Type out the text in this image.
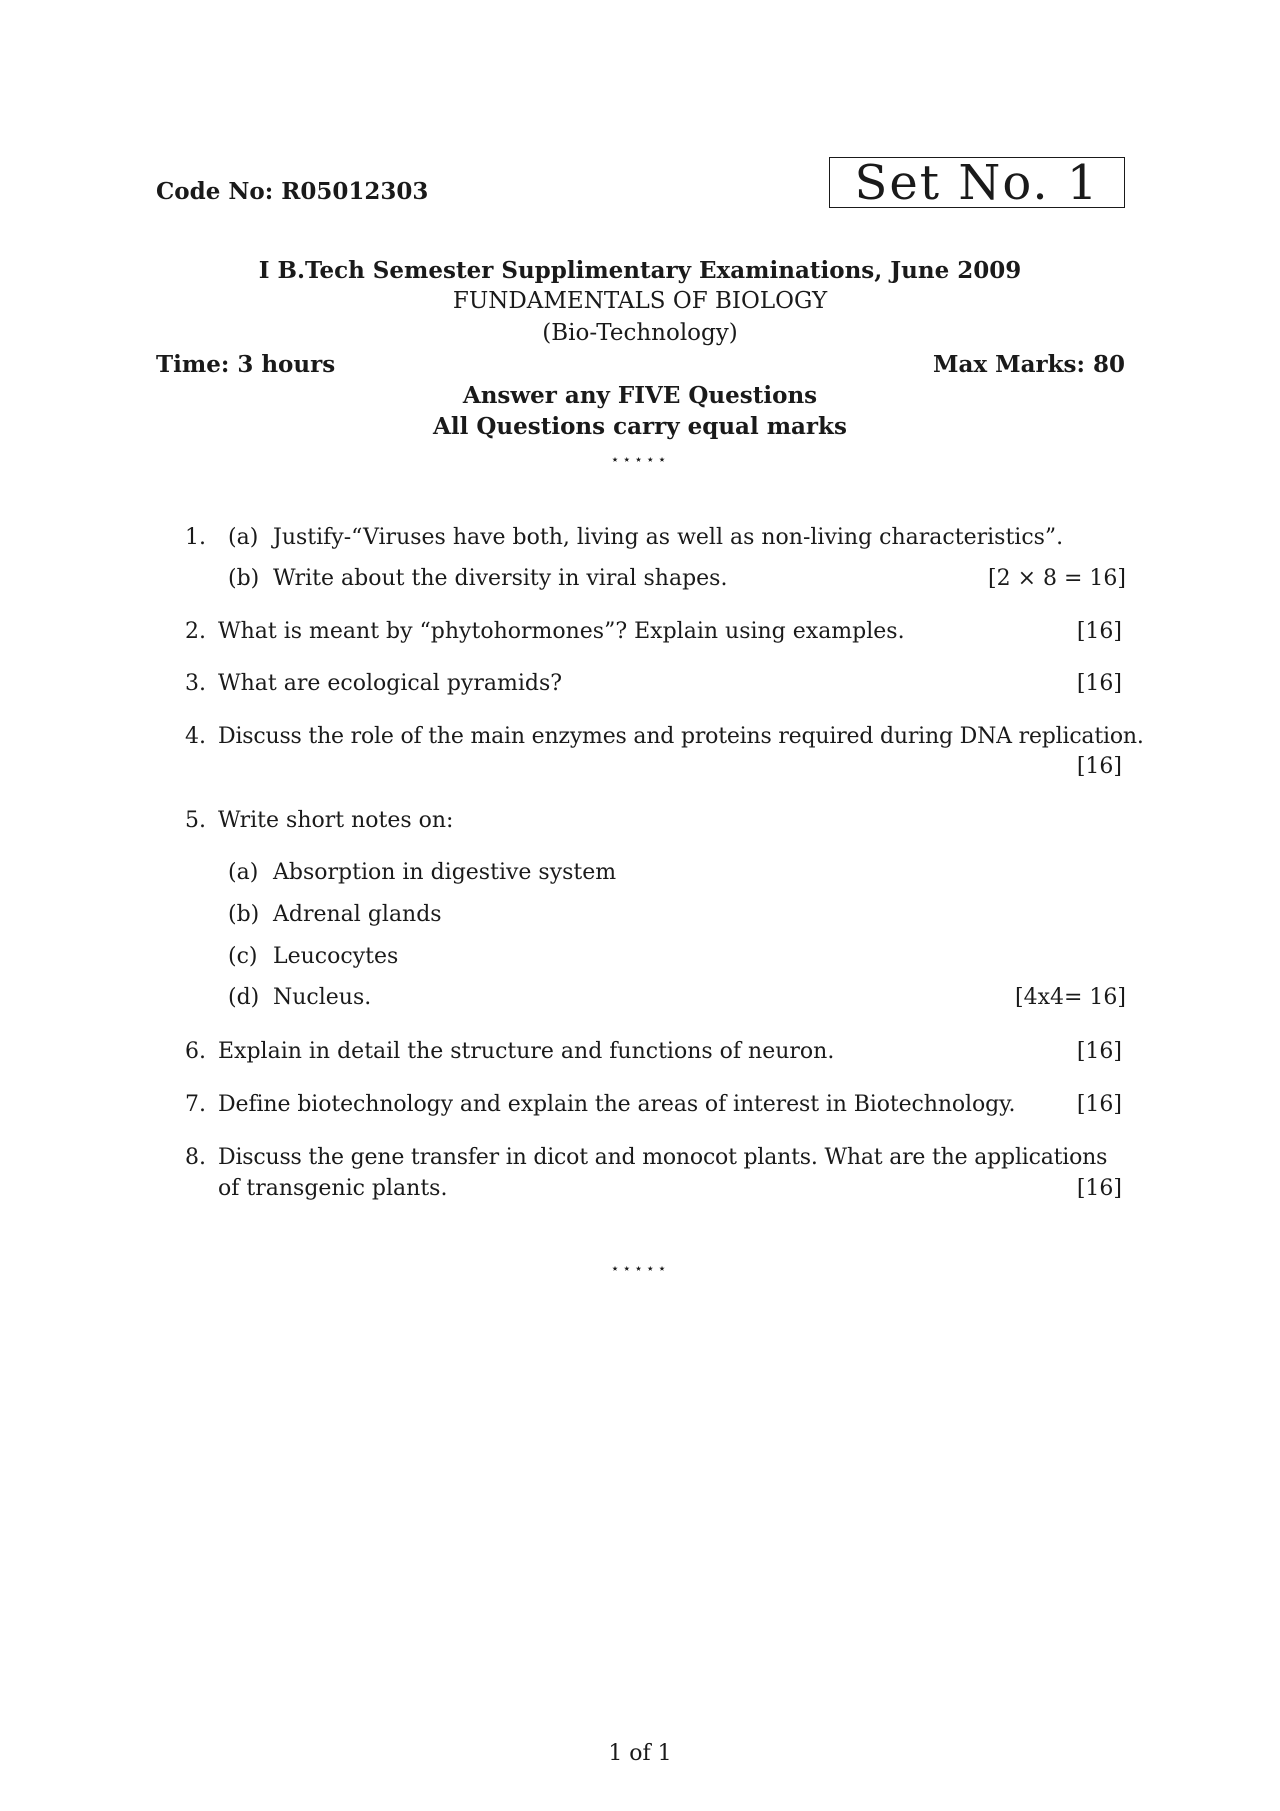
Code No: R05012303	Set No. 1
I B.Tech Semester Supplimentary Examinations, June 2009
FUNDAMENTALS OF BIOLOGY
(Bio-Technology)
Time: 3 hours	Max Marks: 80
Answer any FIVE Questions
All Questions carry equal marks
⋆⋆⋆⋆⋆
1. (a) Justify-“Viruses have both, living as well as non-living characteristics”.
(b) Write about the diversity in viral shapes.	[2 × 8 = 16]
2. What is meant by “phytohormones”? Explain using examples.	[16]
3. What are ecological pyramids?	[16]
4. Discuss the role of the main enzymes and proteins required during DNA replication.
[16]
5. Write short notes on:
(a) Absorption in digestive system
(b) Adrenal glands
(c) Leucocytes
(d) Nucleus.	[4x4= 16]
6. Explain in detail the structure and functions of neuron.	[16]
7. Define biotechnology and explain the areas of interest in Biotechnology.	[16]
8. Discuss the gene transfer in dicot and monocot plants. What are the applications
of transgenic plants.	[16]
⋆⋆⋆⋆⋆
1 of 1
